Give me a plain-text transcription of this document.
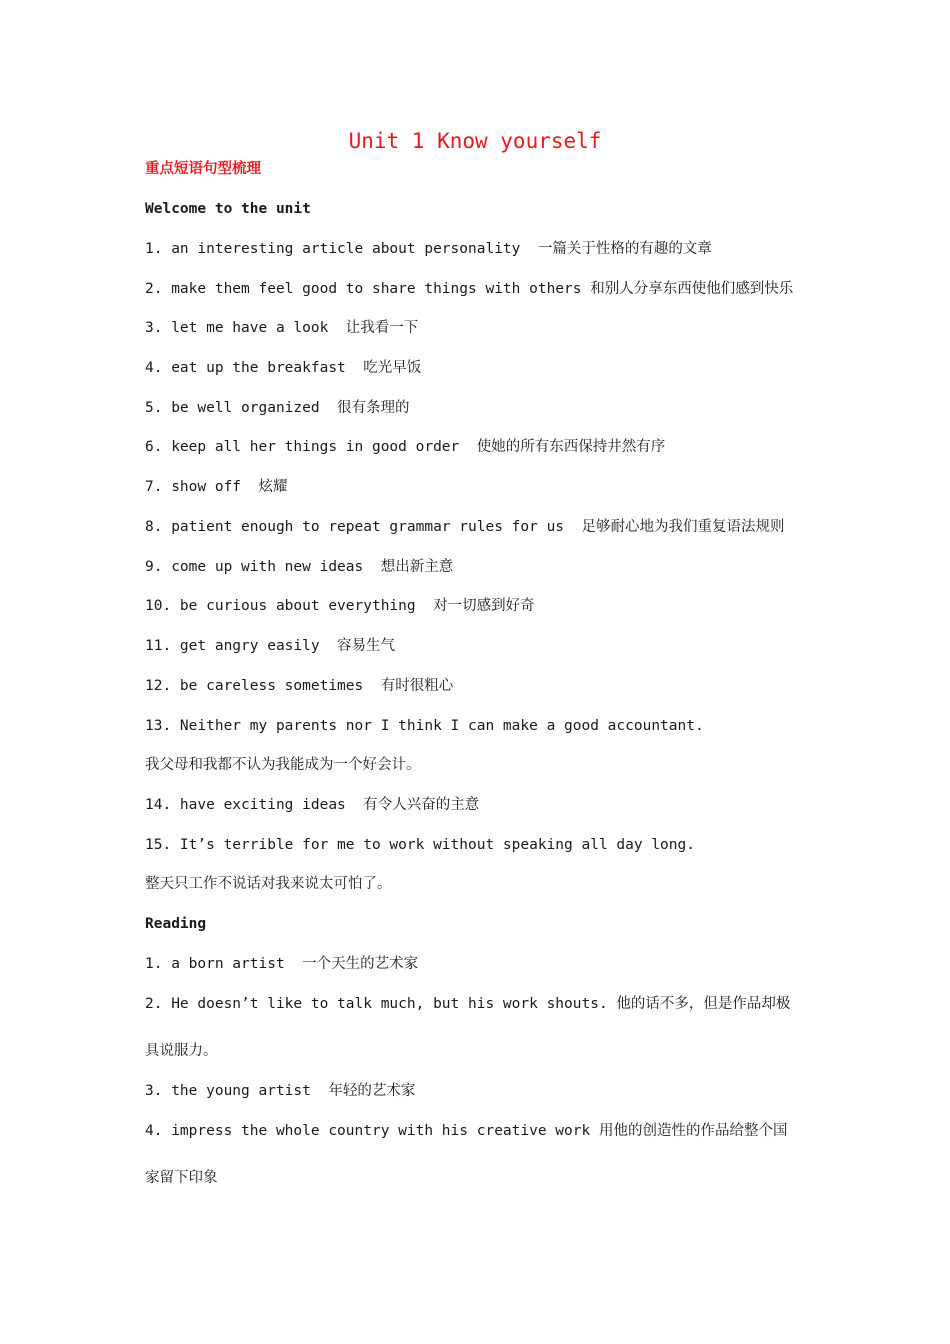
Unit 1 Know yourself
重点短语句型梳理
Welcome to the unit
1. an interesting article about personality  一篇关于性格的有趣的文章
2. make them feel good to share things with others 和别人分享东西使他们感到快乐
3. let me have a look  让我看一下
4. eat up the breakfast  吃光早饭
5. be well organized  很有条理的
6. keep all her things in good order  使她的所有东西保持井然有序
7. show off  炫耀
8. patient enough to repeat grammar rules for us  足够耐心地为我们重复语法规则
9. come up with new ideas  想出新主意
10. be curious about everything  对一切感到好奇
11. get angry easily  容易生气
12. be careless sometimes  有时很粗心
13. Neither my parents nor I think I can make a good accountant.
我父母和我都不认为我能成为一个好会计。
14. have exciting ideas  有令人兴奋的主意
15. It’s terrible for me to work without speaking all day long.
整天只工作不说话对我来说太可怕了。
Reading
1. a born artist  一个天生的艺术家
2. He doesn’t like to talk much, but his work shouts. 他的话不多，但是作品却极
具说服力。
3. the young artist  年轻的艺术家
4. impress the whole country with his creative work 用他的创造性的作品给整个国
家留下印象
